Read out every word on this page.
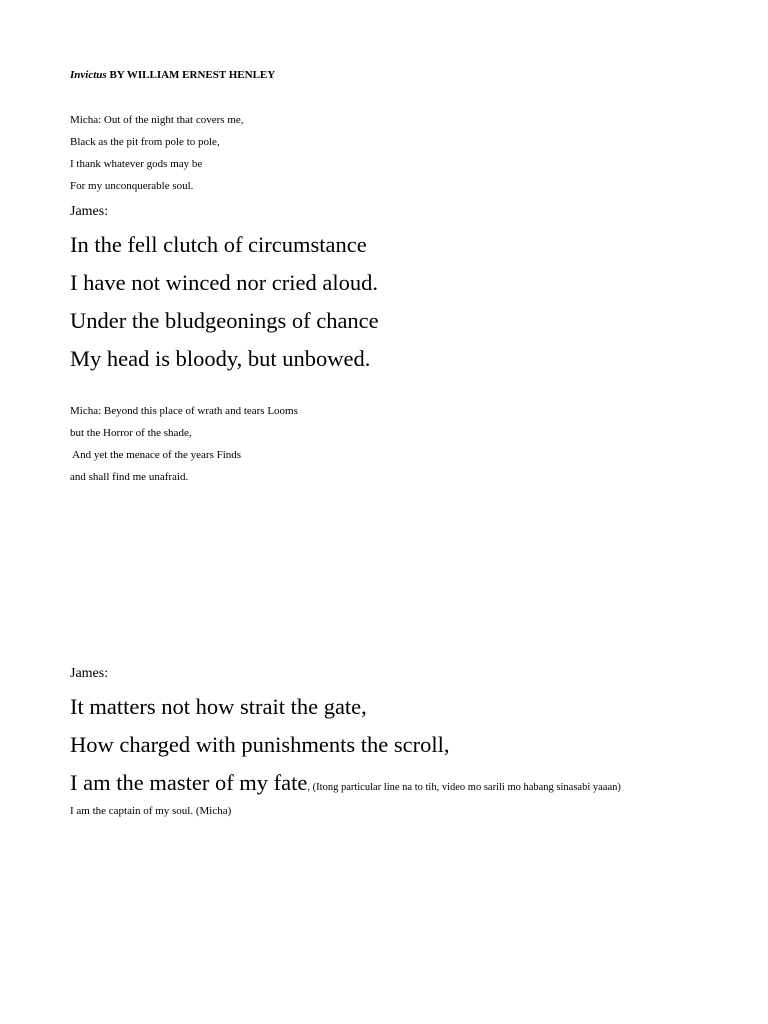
Invictus BY WILLIAM ERNEST HENLEY
Micha: Out of the night that covers me,
Black as the pit from pole to pole,
I thank whatever gods may be
For my unconquerable soul.
James:
In the fell clutch of circumstance
I have not winced nor cried aloud.
Under the bludgeonings of chance
My head is bloody, but unbowed.
Micha: Beyond this place of wrath and tears Looms
but the Horror of the shade,
And yet the menace of the years Finds
and shall find me unafraid.
James:
It matters not how strait the gate,
How charged with punishments the scroll,
I am the master of my fate, (Itong particular line na to tih, video mo sarili mo habang sinasabi yaaan)
I am the captain of my soul. (Micha)
